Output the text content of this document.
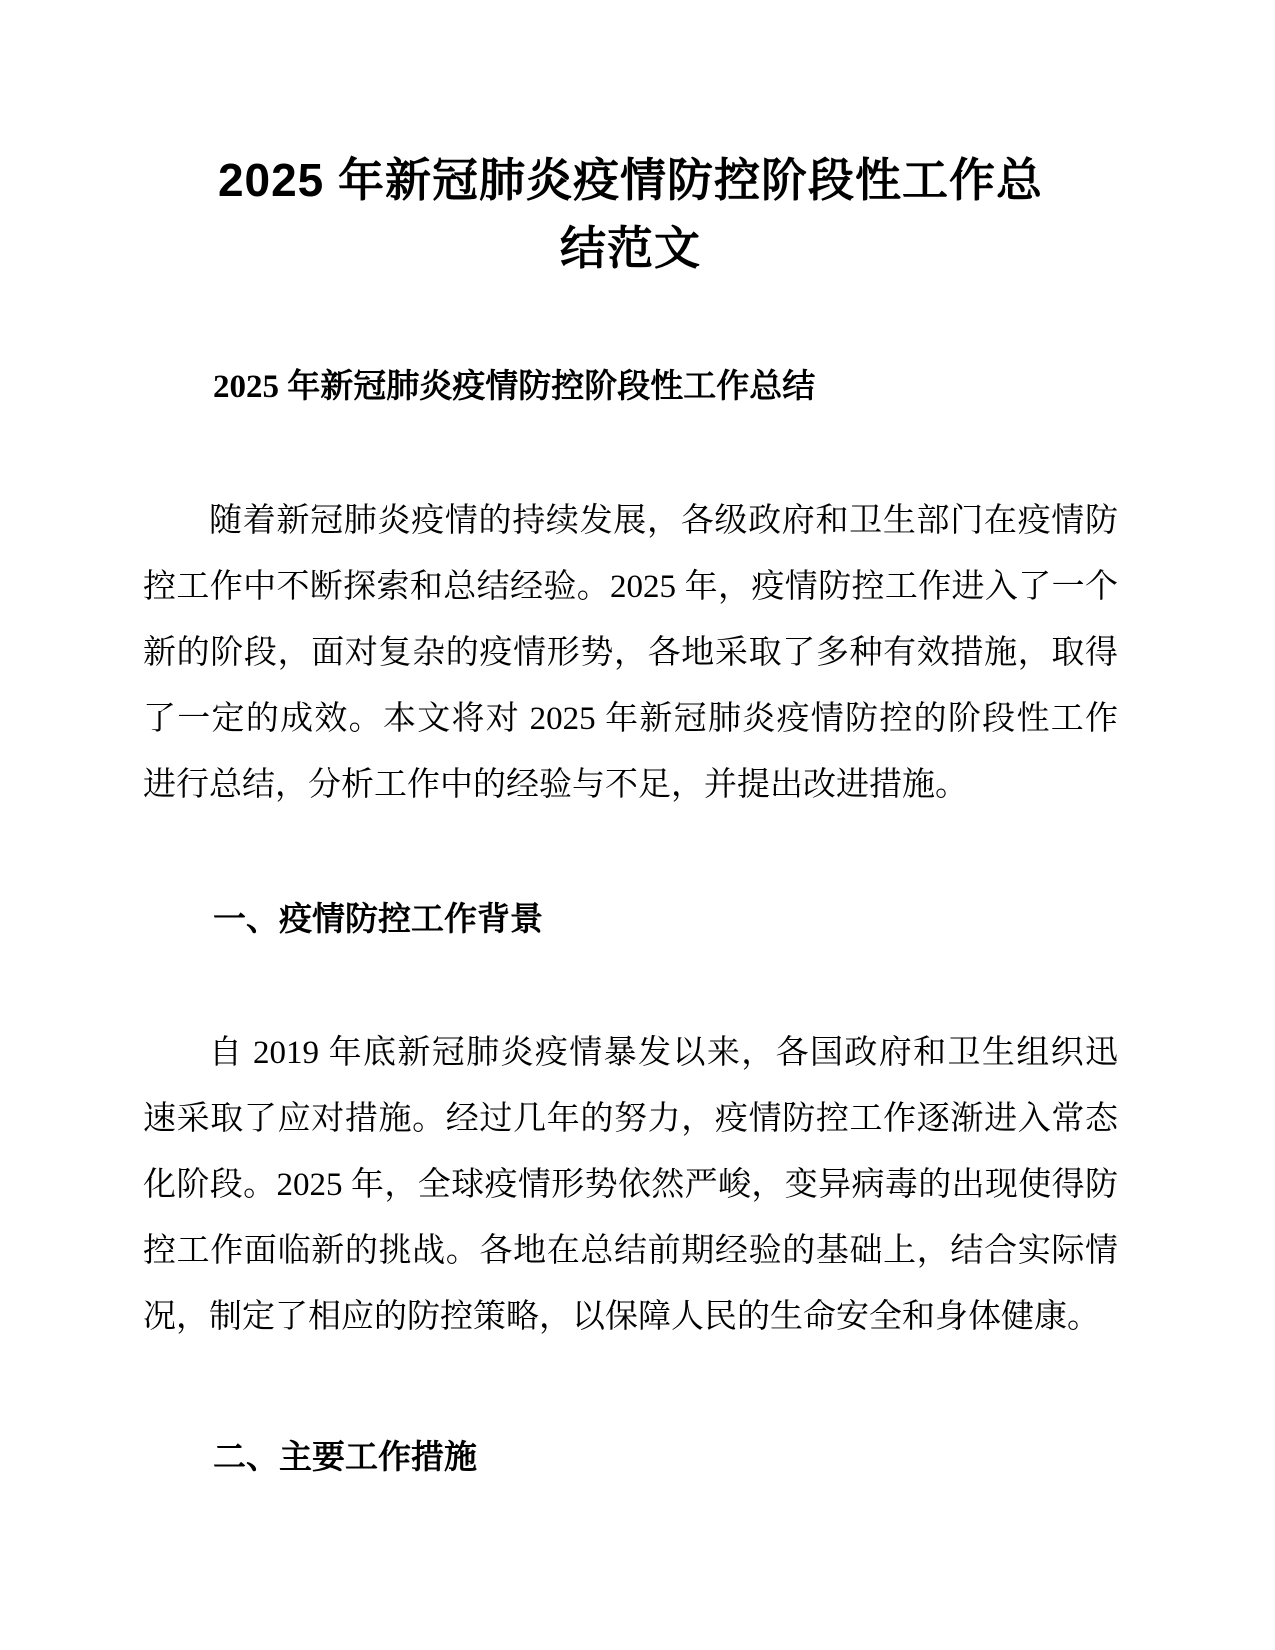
2025 年新冠肺炎疫情防控阶段性工作总
结范文

2025 年新冠肺炎疫情防控阶段性工作总结

随着新冠肺炎疫情的持续发展，各级政府和卫生部门在疫情防
控工作中不断探索和总结经验。2025 年，疫情防控工作进入了一个
新的阶段，面对复杂的疫情形势，各地采取了多种有效措施，取得
了一定的成效。本文将对 2025 年新冠肺炎疫情防控的阶段性工作
进行总结，分析工作中的经验与不足，并提出改进措施。
一、疫情防控工作背景
自 2019 年底新冠肺炎疫情暴发以来，各国政府和卫生组织迅
速采取了应对措施。经过几年的努力，疫情防控工作逐渐进入常态
化阶段。2025 年，全球疫情形势依然严峻，变异病毒的出现使得防
控工作面临新的挑战。各地在总结前期经验的基础上，结合实际情
况，制定了相应的防控策略，以保障人民的生命安全和身体健康。
二、主要工作措施
